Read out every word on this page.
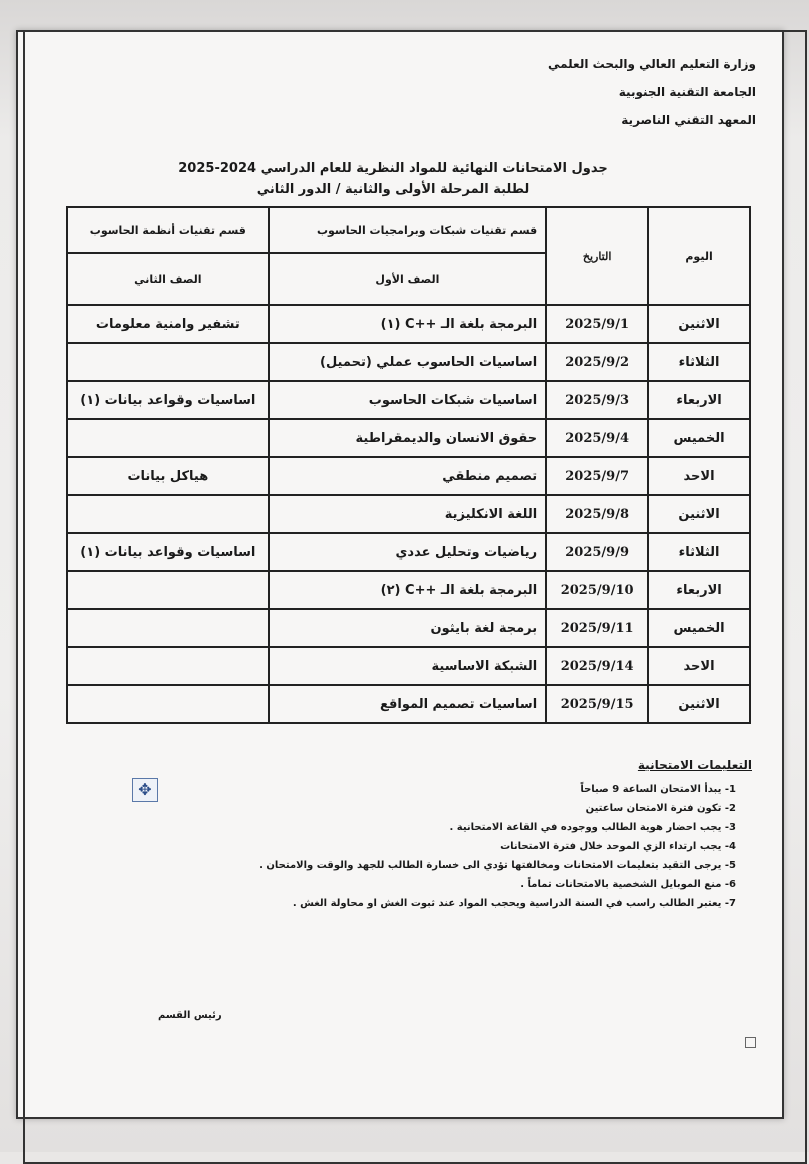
وزارة التعليم العالي والبحث العلمي
الجامعة التقنية الجنوبية
المعهد التقني الناصرية
جدول الامتحانات النهائية للمواد النظرية للعام الدراسي 2024-2025
لطلبة المرحلة الأولى والثانية / الدور الثاني
اليوم	التاريخ	قسم تقنيات شبكات وبرامجيات الحاسوب	قسم تقنيات أنظمة الحاسوب
		الصف الأول	الصف الثاني
الاثنين	2025/9/1	البرمجة بلغة الـ ++C (١)	تشفير وامنية معلومات
الثلاثاء	2025/9/2	اساسيات الحاسوب عملي (تحميل)	
الاربعاء	2025/9/3	اساسيات شبكات الحاسوب	اساسيات وقواعد بيانات (١)
الخميس	2025/9/4	حقوق الانسان والديمقراطية	
الاحد	2025/9/7	تصميم منطقي	هياكل بيانات
الاثنين	2025/9/8	اللغة الانكليزية	
الثلاثاء	2025/9/9	رياضيات وتحليل عددي	اساسيات وقواعد بيانات (١)
الاربعاء	2025/9/10	البرمجة بلغة الـ ++C (٢)	
الخميس	2025/9/11	برمجة لغة بايثون	
الاحد	2025/9/14	الشبكة الاساسية	
الاثنين	2025/9/15	اساسيات تصميم المواقع	
✥
التعليمات الامتحانية
1- يبدأ الامتحان الساعة 9 صباحاً
2- تكون فترة الامتحان ساعتين
3- يجب احضار هوية الطالب ووجوده في القاعة الامتحانية .
4- يجب ارتداء الزي الموحد خلال فترة الامتحانات
5- يرجى التقيد بتعليمات الامتحانات ومخالفتها تؤدي الى خسارة الطالب للجهد والوقت والامتحان .
6- منع الموبايل الشخصية بالامتحانات تماماً .
7- يعتبر الطالب راسب في السنة الدراسية ويحجب المواد عند ثبوت الغش او محاولة الغش .
رئيس القسم
